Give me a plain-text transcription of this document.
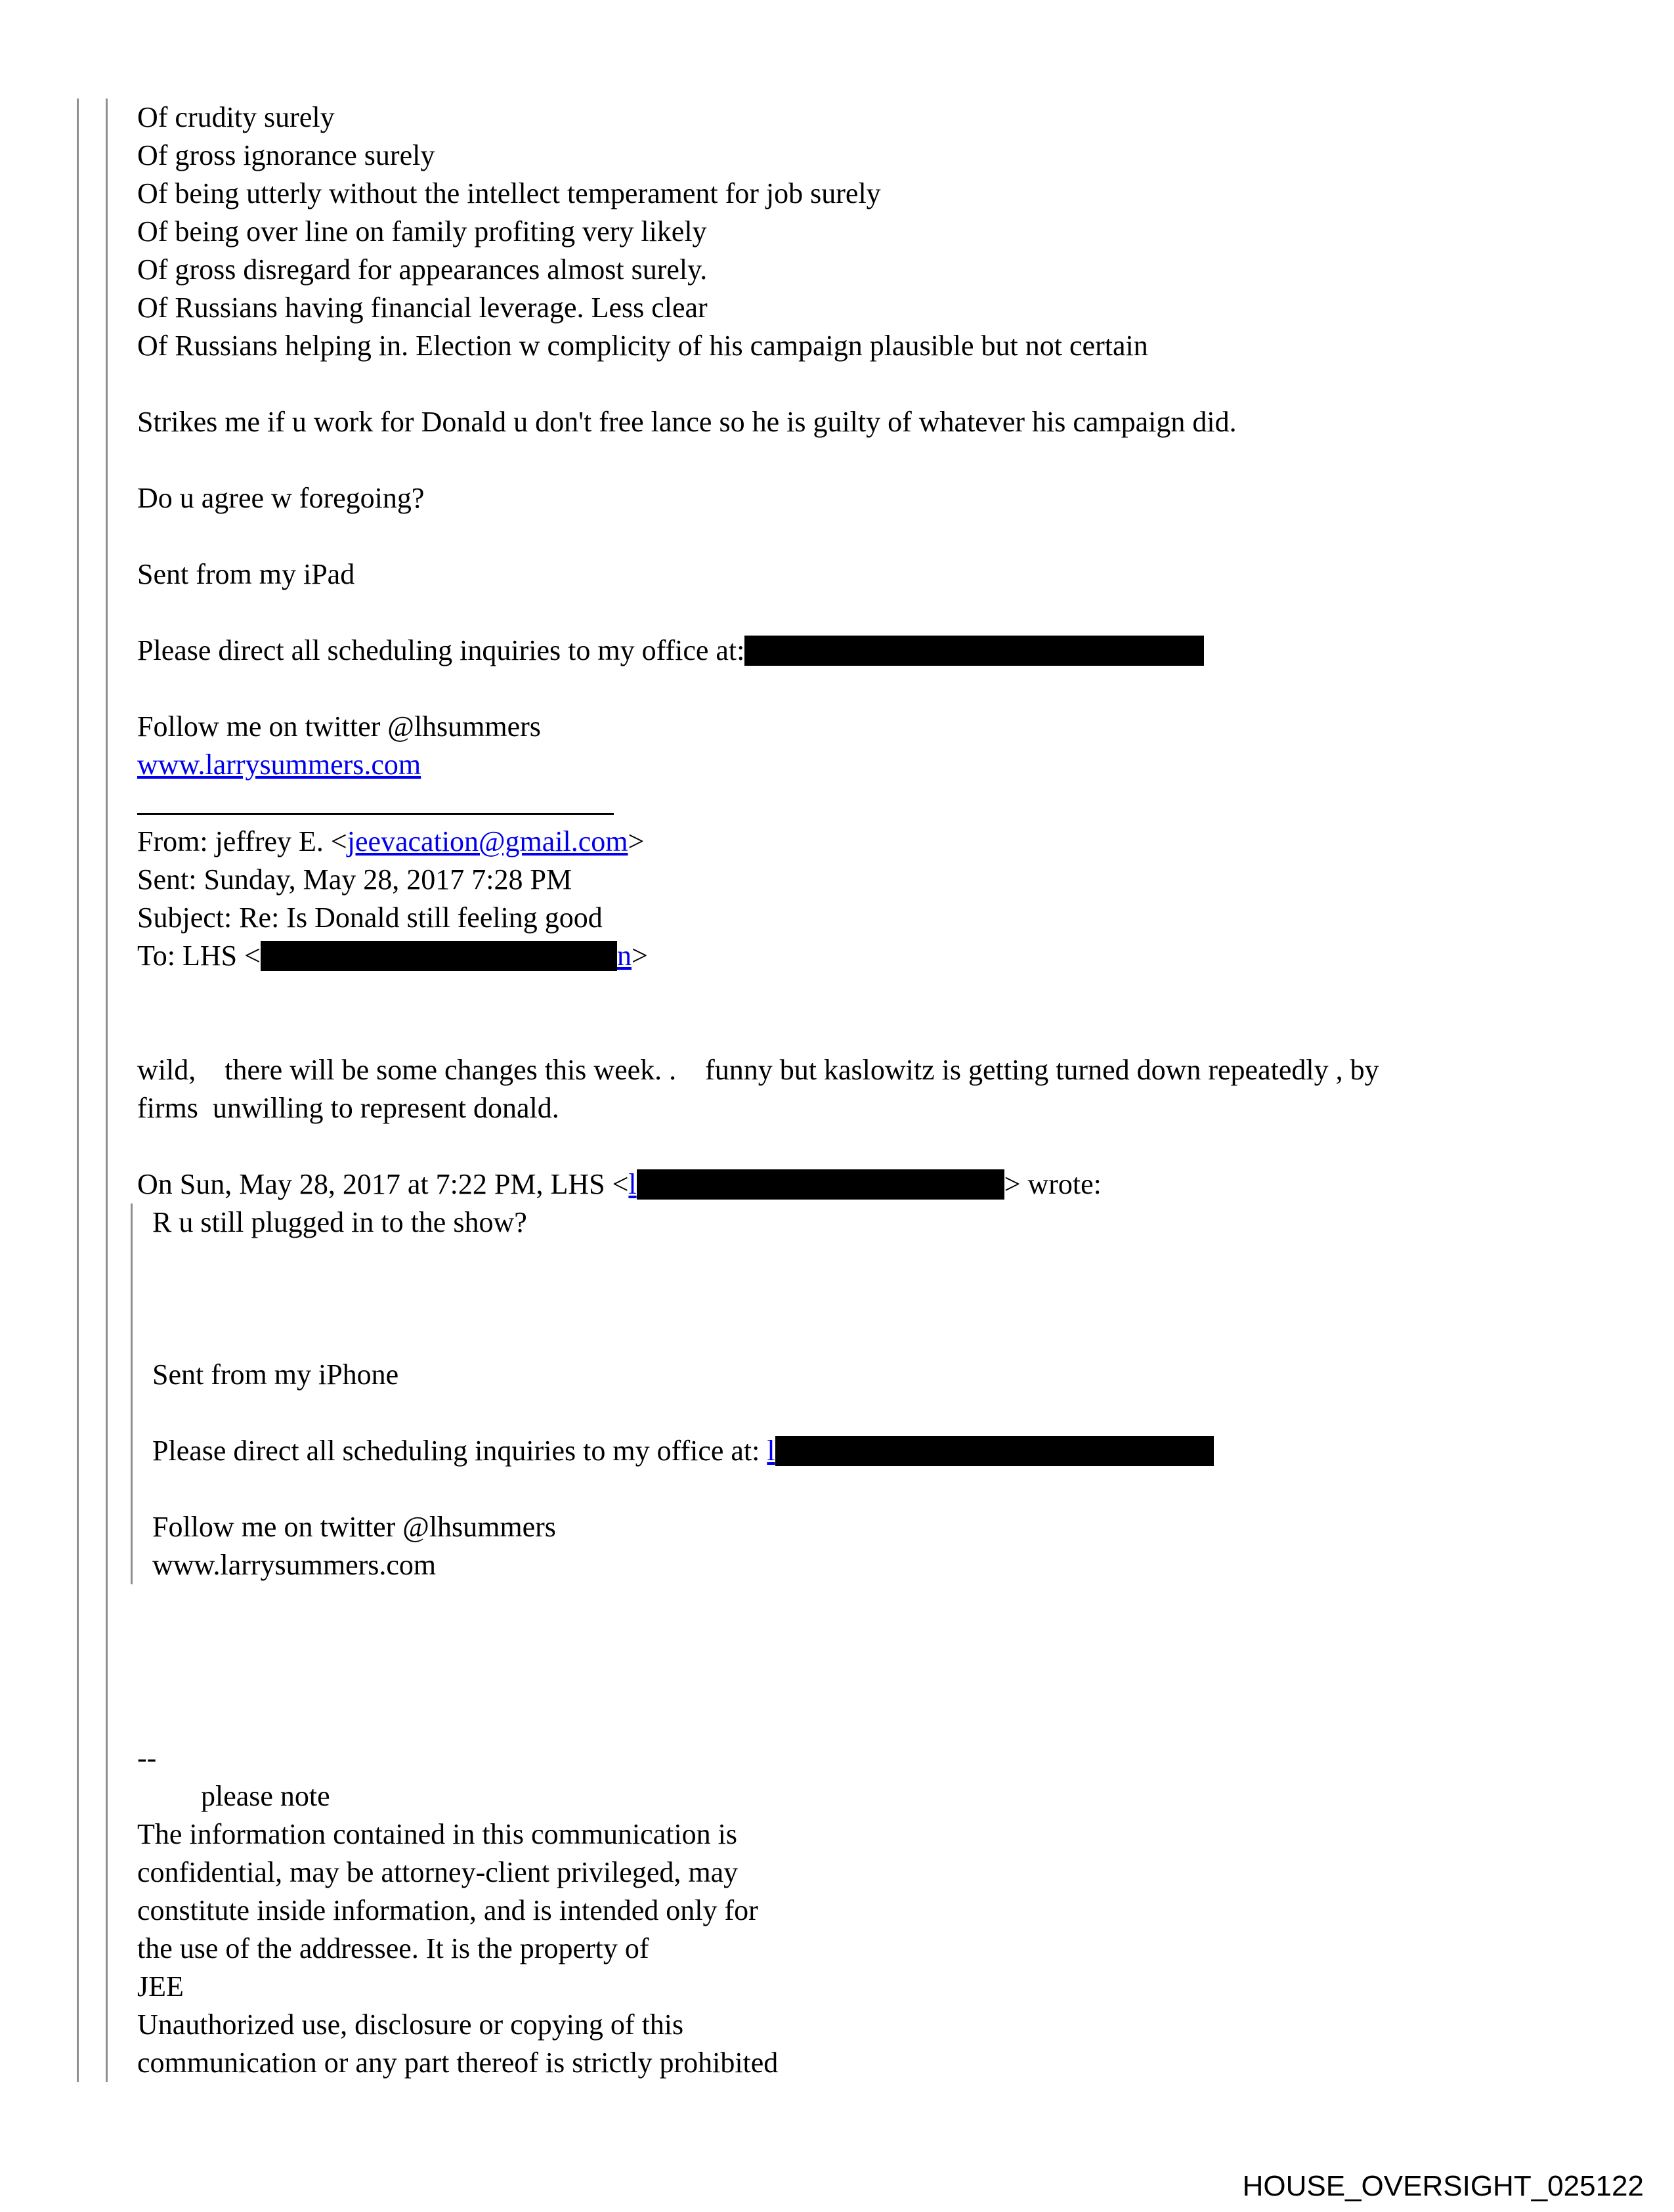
Of crudity surely
Of gross ignorance surely
Of being utterly without the intellect temperament for job surely
Of being over line on family profiting very likely
Of gross disregard for appearances almost surely.
Of Russians having financial leverage. Less clear
Of Russians helping in. Election w complicity of his campaign plausible but not certain
Strikes me if u work for Donald u don't free lance so he is guilty of whatever his campaign did.
Do u agree w foregoing?
Sent from my iPad
Please direct all scheduling inquiries to my office at:
Follow me on twitter @lhsummers
www.larrysummers.com
From: jeffrey E. <jeevacation@gmail.com>
Sent: Sunday, May 28, 2017 7:28 PM
Subject: Re: Is Donald still feeling good
To: LHS <	n>
wild,    there will be some changes this week. .    funny but kaslowitz is getting turned down repeatedly , by
firms  unwilling to represent donald.
On Sun, May 28, 2017 at 7:22 PM, LHS <l	> wrote:
R u still plugged in to the show?
Sent from my iPhone
Please direct all scheduling inquiries to my office at: l
Follow me on twitter @lhsummers
www.larrysummers.com
--
please note
The information contained in this communication is
confidential, may be attorney-client privileged, may
constitute inside information, and is intended only for
the use of the addressee. It is the property of
JEE
Unauthorized use, disclosure or copying of this
communication or any part thereof is strictly prohibited
HOUSE_OVERSIGHT_025122
